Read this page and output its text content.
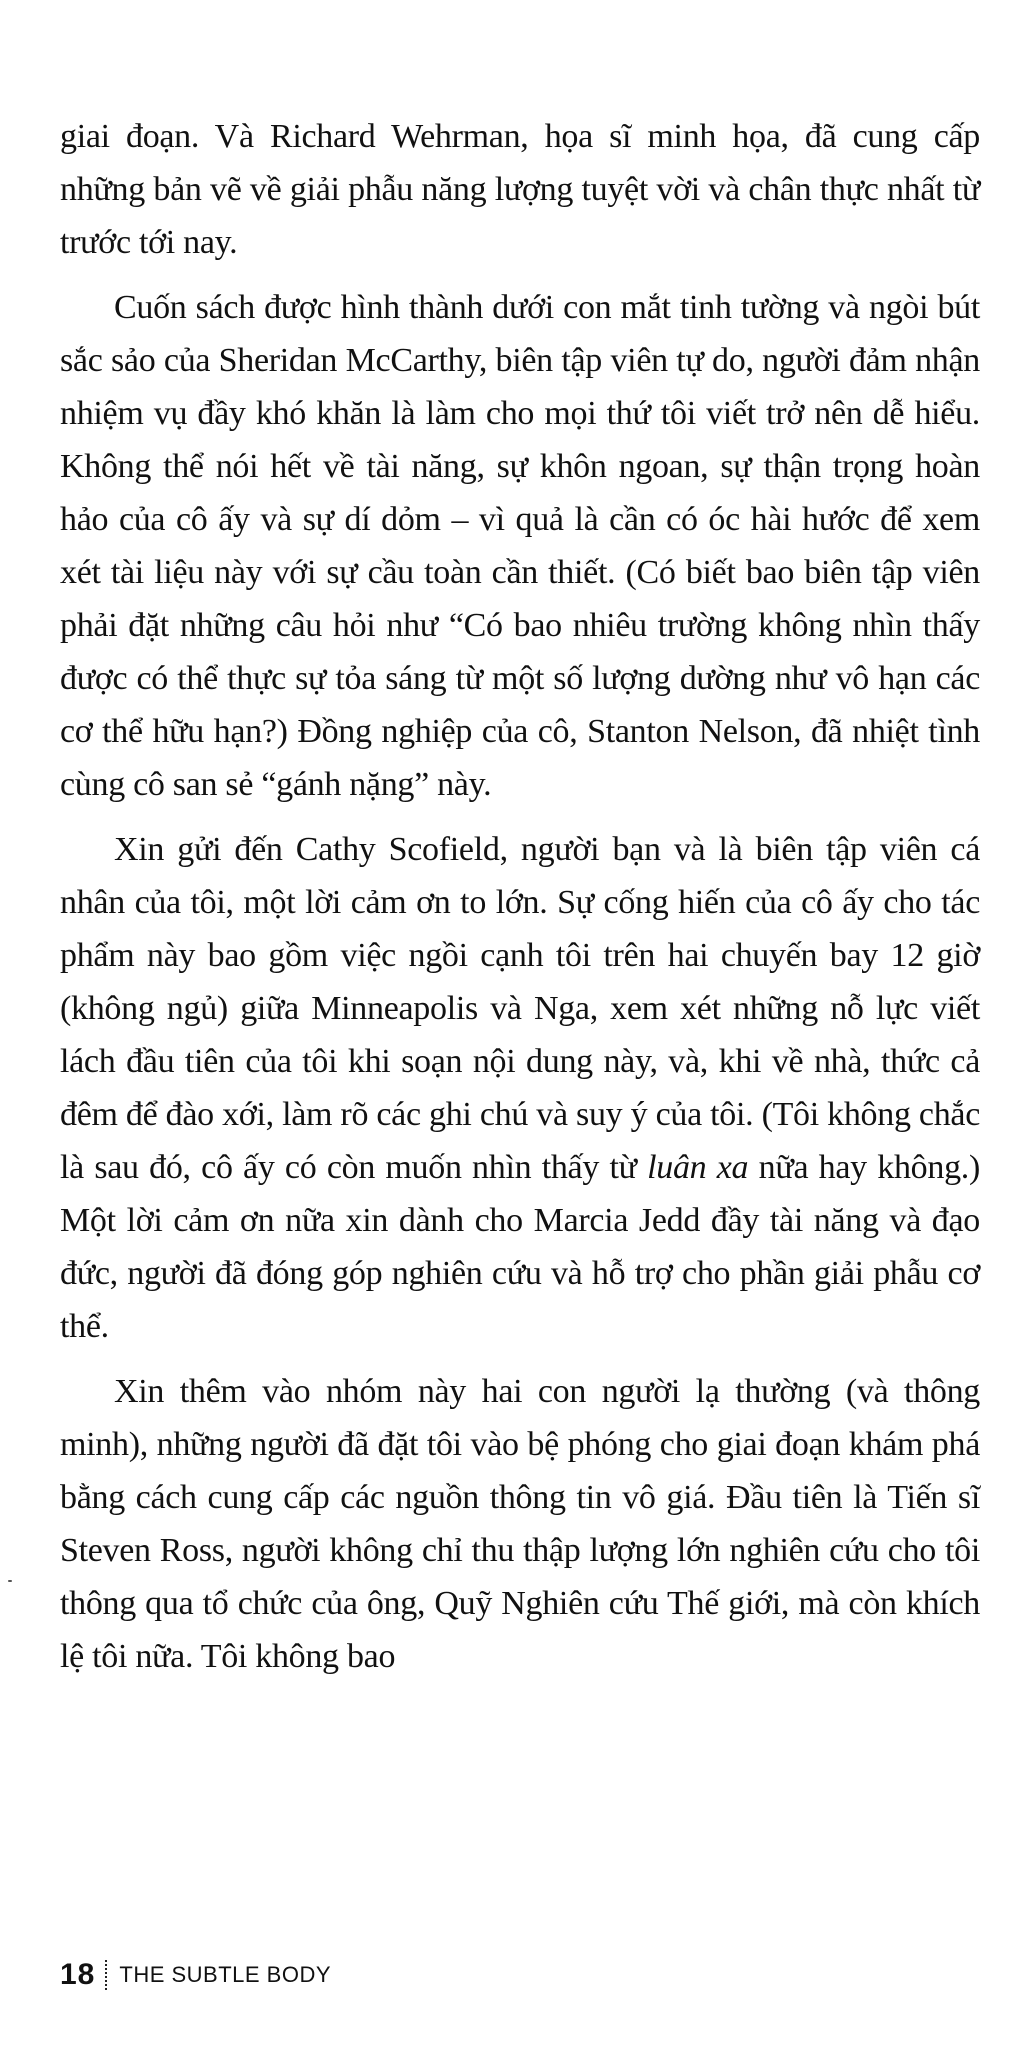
giai đoạn. Và Richard Wehrman, họa sĩ minh họa, đã cung cấp những bản vẽ về giải phẫu năng lượng tuyệt vời và chân thực nhất từ trước tới nay.

Cuốn sách được hình thành dưới con mắt tinh tường và ngòi bút sắc sảo của Sheridan McCarthy, biên tập viên tự do, người đảm nhận nhiệm vụ đầy khó khăn là làm cho mọi thứ tôi viết trở nên dễ hiểu. Không thể nói hết về tài năng, sự khôn ngoan, sự thận trọng hoàn hảo của cô ấy và sự dí dỏm – vì quả là cần có óc hài hước để xem xét tài liệu này với sự cầu toàn cần thiết. (Có biết bao biên tập viên phải đặt những câu hỏi như “Có bao nhiêu trường không nhìn thấy được có thể thực sự tỏa sáng từ một số lượng dường như vô hạn các cơ thể hữu hạn?) Đồng nghiệp của cô, Stanton Nelson, đã nhiệt tình cùng cô san sẻ “gánh nặng” này.

Xin gửi đến Cathy Scofield, người bạn và là biên tập viên cá nhân của tôi, một lời cảm ơn to lớn. Sự cống hiến của cô ấy cho tác phẩm này bao gồm việc ngồi cạnh tôi trên hai chuyến bay 12 giờ (không ngủ) giữa Minneapolis và Nga, xem xét những nỗ lực viết lách đầu tiên của tôi khi soạn nội dung này, và, khi về nhà, thức cả đêm để đào xới, làm rõ các ghi chú và suy ý của tôi. (Tôi không chắc là sau đó, cô ấy có còn muốn nhìn thấy từ luân xa nữa hay không.) Một lời cảm ơn nữa xin dành cho Marcia Jedd đầy tài năng và đạo đức, người đã đóng góp nghiên cứu và hỗ trợ cho phần giải phẫu cơ thể.

Xin thêm vào nhóm này hai con người lạ thường (và thông minh), những người đã đặt tôi vào bệ phóng cho giai đoạn khám phá bằng cách cung cấp các nguồn thông tin vô giá. Đầu tiên là Tiến sĩ Steven Ross, người không chỉ thu thập lượng lớn nghiên cứu cho tôi thông qua tổ chức của ông, Quỹ Nghiên cứu Thế giới, mà còn khích lệ tôi nữa. Tôi không bao

18 THE SUBTLE BODY
